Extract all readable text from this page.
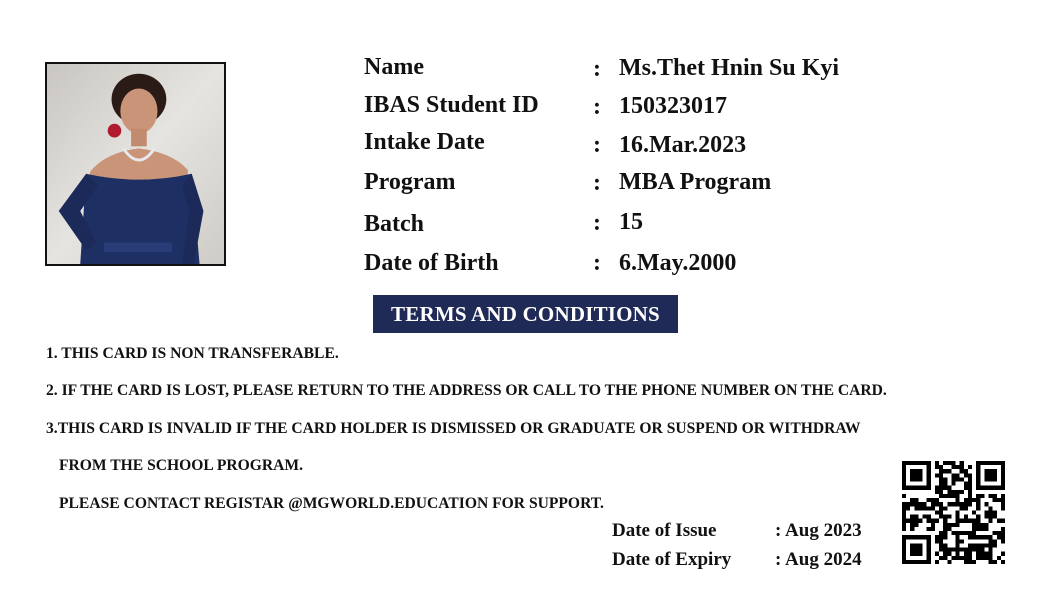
Name	: Ms.Thet Hnin Su Kyi
IBAS Student ID : 150323017
Intake Date	: 16.Mar.2023
Program	: MBA Program
Batch	: 15
Date of Birth	: 6.May.2000
TERMS AND CONDITIONS
1. THIS CARD IS NON TRANSFERABLE.
2. IF THE CARD IS LOST, PLEASE RETURN TO THE ADDRESS OR CALL TO THE PHONE NUMBER ON THE CARD.
3.THIS CARD IS INVALID IF THE CARD HOLDER IS DISMISSED OR GRADUATE OR SUSPEND OR WITHDRAW
FROM THE SCHOOL PROGRAM.
PLEASE CONTACT REGISTAR @MGWORLD.EDUCATION FOR SUPPORT.
Date of Issue	: Aug 2023
Date of Expiry : Aug 2024
